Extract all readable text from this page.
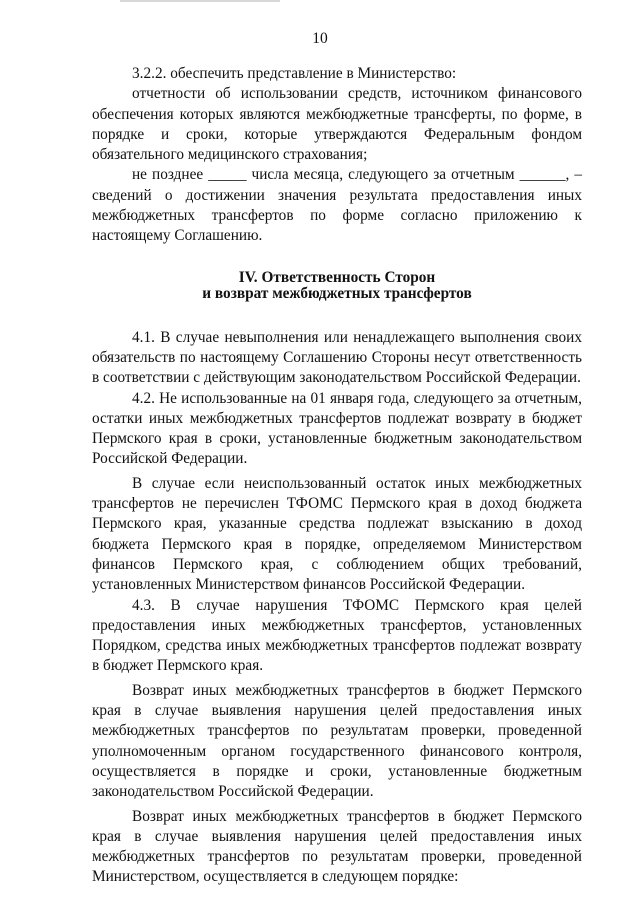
10

3.2.2. обеспечить представление в Министерство:

отчетности об использовании средств, источником финансового обеспечения которых являются межбюджетные трансферты, по форме, в порядке и сроки, которые утверждаются Федеральным фондом обязательного медицинского страхования;

не позднее _____ числа месяца, следующего за отчетным ______, – сведений о достижении значения результата предоставления иных межбюджетных трансфертов по форме согласно приложению к настоящему Соглашению.

IV. Ответственность Сторон
и возврат межбюджетных трансфертов

4.1. В случае невыполнения или ненадлежащего выполнения своих обязательств по настоящему Соглашению Стороны несут ответственность в соответствии с действующим законодательством Российской Федерации.

4.2. Не использованные на 01 января года, следующего за отчетным, остатки иных межбюджетных трансфертов подлежат возврату в бюджет Пермского края в сроки, установленные бюджетным законодательством Российской Федерации.

В случае если неиспользованный остаток иных межбюджетных трансфертов не перечислен ТФОМС Пермского края в доход бюджета Пермского края, указанные средства подлежат взысканию в доход бюджета Пермского края в порядке, определяемом Министерством финансов Пермского края, с соблюдением общих требований, установленных Министерством финансов Российской Федерации.

4.3. В случае нарушения ТФОМС Пермского края целей предоставления иных межбюджетных трансфертов, установленных Порядком, средства иных межбюджетных трансфертов подлежат возврату в бюджет Пермского края.

Возврат иных межбюджетных трансфертов в бюджет Пермского края в случае выявления нарушения целей предоставления иных межбюджетных трансфертов по результатам проверки, проведенной уполномоченным органом государственного финансового контроля, осуществляется в порядке и сроки, установленные бюджетным законодательством Российской Федерации.

Возврат иных межбюджетных трансфертов в бюджет Пермского края в случае выявления нарушения целей предоставления иных межбюджетных трансфертов по результатам проверки, проведенной Министерством, осуществляется в следующем порядке:
